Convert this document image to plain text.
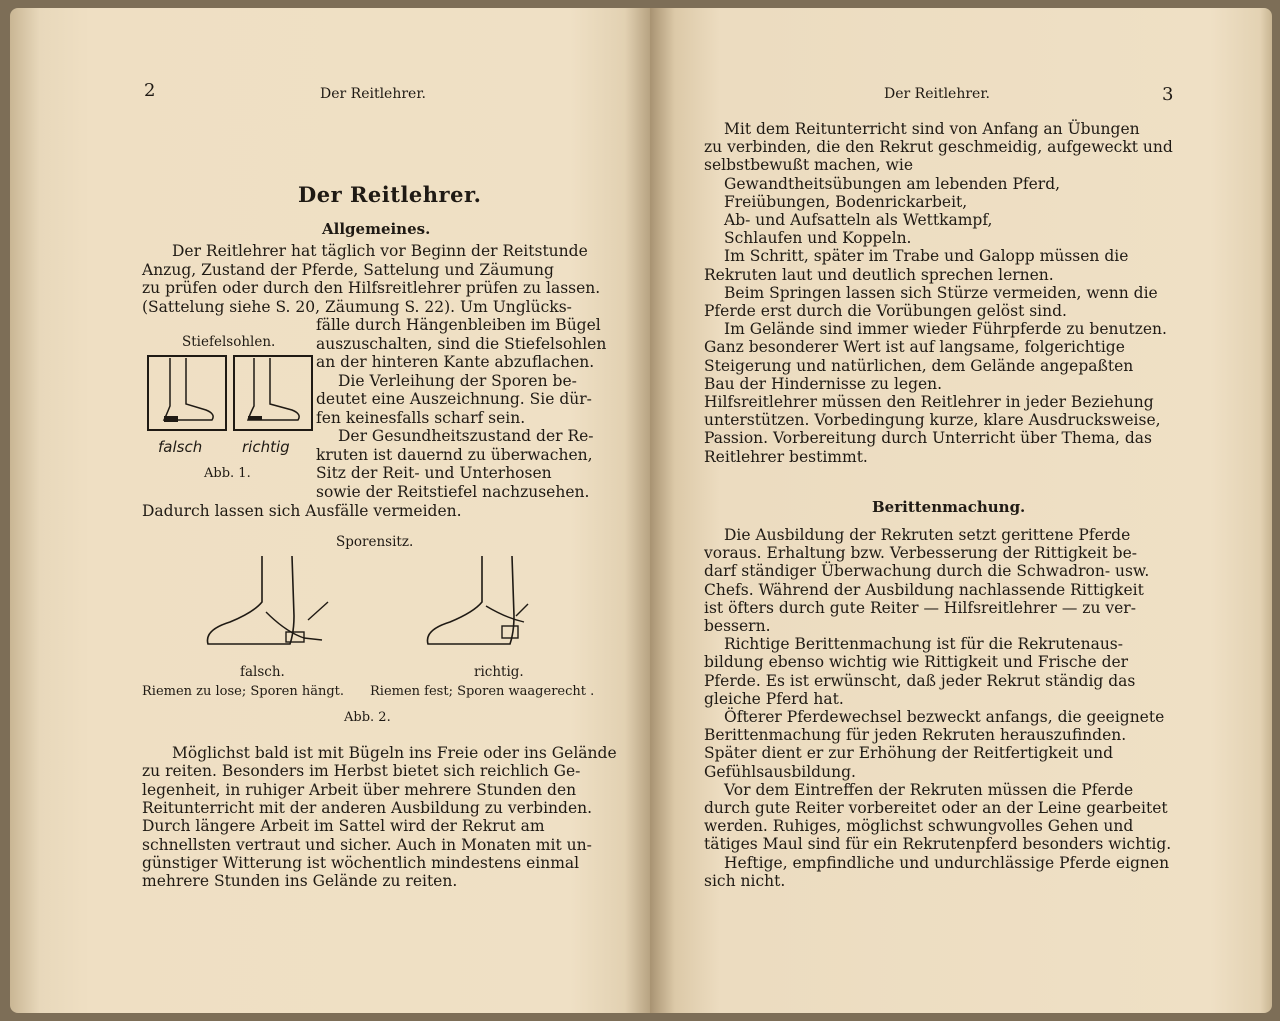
2	Der Reitlehrer.
Der Reitlehrer.
Allgemeines.
Der Reitlehrer hat täglich vor Beginn der Reitstunde
Anzug, Zustand der Pferde, Sattelung und Zäumung
zu prüfen oder durch den Hilfsreitlehrer prüfen zu lassen.
(Sattelung siehe S. 20, Zäumung S. 22). Um Unglücks-
fälle durch Hängenbleiben im Bügel
auszuschalten, sind die Stiefelsohlen
an der hinteren Kante abzuflachen.
Die Verleihung der Sporen be-
deutet eine Auszeichnung. Sie dür-
fen keinesfalls scharf sein.
Der Gesundheitszustand der Re-
kruten ist dauernd zu überwachen,
Sitz der Reit- und Unterhosen
sowie der Reitstiefel nachzusehen.
Dadurch lassen sich Ausfälle vermeiden.
Stiefelsohlen.
falsch	richtig
Abb. 1.
Sporensitz.
falsch.	richtig.
Riemen zu lose; Sporen hängt. Riemen fest; Sporen waagerecht .
Abb. 2.
Möglichst bald ist mit Bügeln ins Freie oder ins Gelände
zu reiten. Besonders im Herbst bietet sich reichlich Ge-
legenheit, in ruhiger Arbeit über mehrere Stunden den
Reitunterricht mit der anderen Ausbildung zu verbinden.
Durch längere Arbeit im Sattel wird der Rekrut am
schnellsten vertraut und sicher. Auch in Monaten mit un-
günstiger Witterung ist wöchentlich mindestens einmal
mehrere Stunden ins Gelände zu reiten.
Der Reitlehrer.	3
Mit dem Reitunterricht sind von Anfang an Übungen
zu verbinden, die den Rekrut geschmeidig, aufgeweckt und
selbstbewußt machen, wie
Gewandtheitsübungen am lebenden Pferd,
Freiübungen, Bodenrickarbeit,
Ab- und Aufsatteln als Wettkampf,
Schlaufen und Koppeln.
Im Schritt, später im Trabe und Galopp müssen die
Rekruten laut und deutlich sprechen lernen.
Beim Springen lassen sich Stürze vermeiden, wenn die
Pferde erst durch die Vorübungen gelöst sind.
Im Gelände sind immer wieder Führpferde zu benutzen.
Ganz besonderer Wert ist auf langsame, folgerichtige
Steigerung und natürlichen, dem Gelände angepaßten
Bau der Hindernisse zu legen.
Hilfsreitlehrer müssen den Reitlehrer in jeder Beziehung
unterstützen. Vorbedingung kurze, klare Ausdrucksweise,
Passion. Vorbereitung durch Unterricht über Thema, das
Reitlehrer bestimmt.
Berittenmachung.
Die Ausbildung der Rekruten setzt gerittene Pferde
voraus. Erhaltung bzw. Verbesserung der Rittigkeit be-
darf ständiger Überwachung durch die Schwadron- usw.
Chefs. Während der Ausbildung nachlassende Rittigkeit
ist öfters durch gute Reiter — Hilfsreitlehrer — zu ver-
bessern.
Richtige Berittenmachung ist für die Rekrutenaus-
bildung ebenso wichtig wie Rittigkeit und Frische der
Pferde. Es ist erwünscht, daß jeder Rekrut ständig das
gleiche Pferd hat.
Öfterer Pferdewechsel bezweckt anfangs, die geeignete
Berittenmachung für jeden Rekruten herauszufinden.
Später dient er zur Erhöhung der Reitfertigkeit und
Gefühlsausbildung.
Vor dem Eintreffen der Rekruten müssen die Pferde
durch gute Reiter vorbereitet oder an der Leine gearbeitet
werden. Ruhiges, möglichst schwungvolles Gehen und
tätiges Maul sind für ein Rekrutenpferd besonders wichtig.
Heftige, empfindliche und undurchlässige Pferde eignen
sich nicht.
